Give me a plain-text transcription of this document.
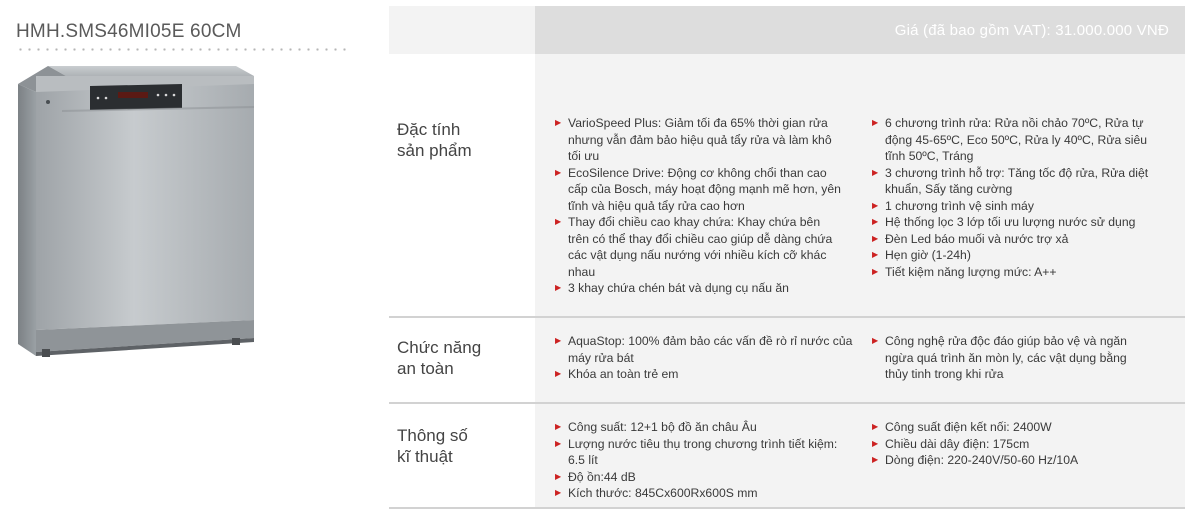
HMH.SMS46MI05E 60CM	Giá (đã bao gồm VAT): 31.000.000 VNĐ
Đặc tính
sản phẩm
▶ VarioSpeed Plus: Giảm tối đa 65% thời gian rửa nhưng vẫn đảm bảo hiệu quả tẩy rửa và làm khô tối ưu
▶ EcoSilence Drive: Động cơ không chổi than cao cấp của Bosch, máy hoạt động mạnh mẽ hơn, yên tĩnh và hiệu quả tẩy rửa cao hơn
▶ Thay đổi chiều cao khay chứa: Khay chứa bên trên có thể thay đổi chiều cao giúp dễ dàng chứa các vật dụng nấu nướng với nhiều kích cỡ khác nhau
▶ 3 khay chứa chén bát và dụng cụ nấu ăn
▶ 6 chương trình rửa: Rửa nồi chảo 70ºC, Rửa tự động 45-65ºC, Eco 50ºC, Rửa ly 40ºC, Rửa siêu tĩnh 50ºC, Tráng
▶ 3 chương trình hỗ trợ: Tăng tốc độ rửa, Rửa diệt khuẩn, Sấy tăng cường
▶ 1 chương trình vệ sinh máy
▶ Hệ thống lọc 3 lớp tối ưu lượng nước sử dụng
▶ Đèn Led báo muối và nước trợ xả
▶ Hẹn giờ (1-24h)
▶ Tiết kiệm năng lượng mức: A++
Chức năng
an toàn
▶ AquaStop: 100% đảm bảo các vấn đề rò rỉ nước của máy rửa bát
▶ Khóa an toàn trẻ em
▶ Công nghệ rửa độc đáo giúp bảo vệ và ngăn ngừa quá trình ăn mòn ly, các vật dụng bằng thủy tinh trong khi rửa
Thông số
kĩ thuật
▶ Công suất: 12+1 bộ đồ ăn châu Âu
▶ Lượng nước tiêu thụ trong chương trình tiết kiệm: 6.5 lít
▶ Độ ồn:44 dB
▶ Kích thước: 845Cx600Rx600S mm
▶ Công suất điện kết nối: 2400W
▶ Chiều dài dây điện: 175cm
▶ Dòng điện: 220-240V/50-60 Hz/10A
